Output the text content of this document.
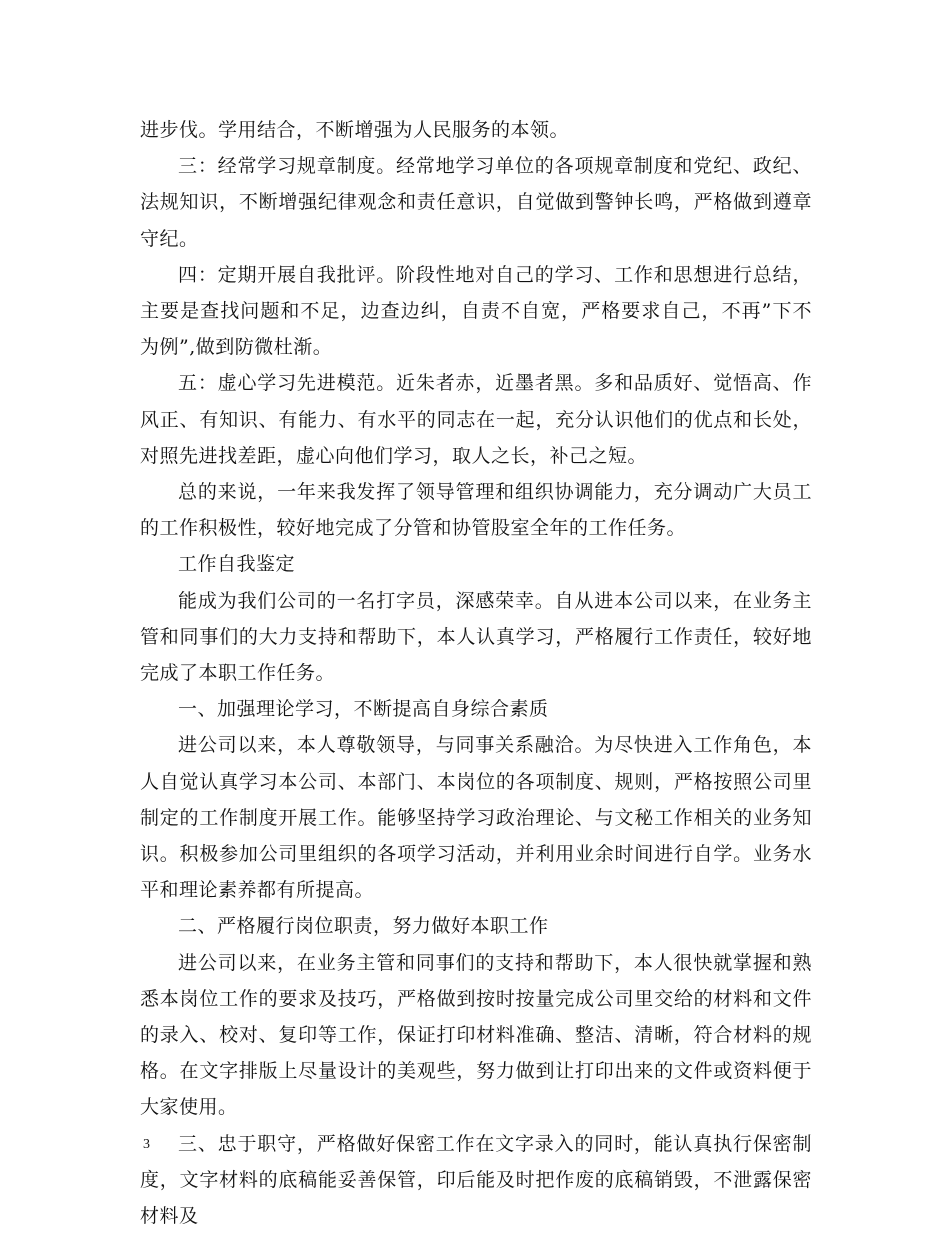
进步伐。学用结合，不断增强为人民服务的本领。

三：经常学习规章制度。经常地学习单位的各项规章制度和党纪、政纪、法规知识，不断增强纪律观念和责任意识，自觉做到警钟长鸣，严格做到遵章守纪。

四：定期开展自我批评。阶段性地对自己的学习、工作和思想进行总结，主要是查找问题和不足，边查边纠，自责不自宽，严格要求自己，不再”下不为例”,做到防微杜渐。

五：虚心学习先进模范。近朱者赤，近墨者黑。多和品质好、觉悟高、作风正、有知识、有能力、有水平的同志在一起，充分认识他们的优点和长处，对照先进找差距，虚心向他们学习，取人之长，补己之短。

总的来说，一年来我发挥了领导管理和组织协调能力，充分调动广大员工的工作积极性，较好地完成了分管和协管股室全年的工作任务。

工作自我鉴定

能成为我们公司的一名打字员，深感荣幸。自从进本公司以来，在业务主管和同事们的大力支持和帮助下，本人认真学习，严格履行工作责任，较好地完成了本职工作任务。

一、加强理论学习，不断提高自身综合素质

进公司以来，本人尊敬领导，与同事关系融洽。为尽快进入工作角色，本人自觉认真学习本公司、本部门、本岗位的各项制度、规则，严格按照公司里制定的工作制度开展工作。能够坚持学习政治理论、与文秘工作相关的业务知识。积极参加公司里组织的各项学习活动，并利用业余时间进行自学。业务水平和理论素养都有所提高。

二、严格履行岗位职责，努力做好本职工作

进公司以来，在业务主管和同事们的支持和帮助下，本人很快就掌握和熟悉本岗位工作的要求及技巧，严格做到按时按量完成公司里交给的材料和文件的录入、校对、复印等工作，保证打印材料准确、整洁、清晰，符合材料的规格。在文字排版上尽量设计的美观些，努力做到让打印出来的文件或资料便于大家使用。

三、忠于职守，严格做好保密工作在文字录入的同时，能认真执行保密制度，文字材料的底稿能妥善保管，印后能及时把作废的底稿销毁，不泄露保密材料及

3
